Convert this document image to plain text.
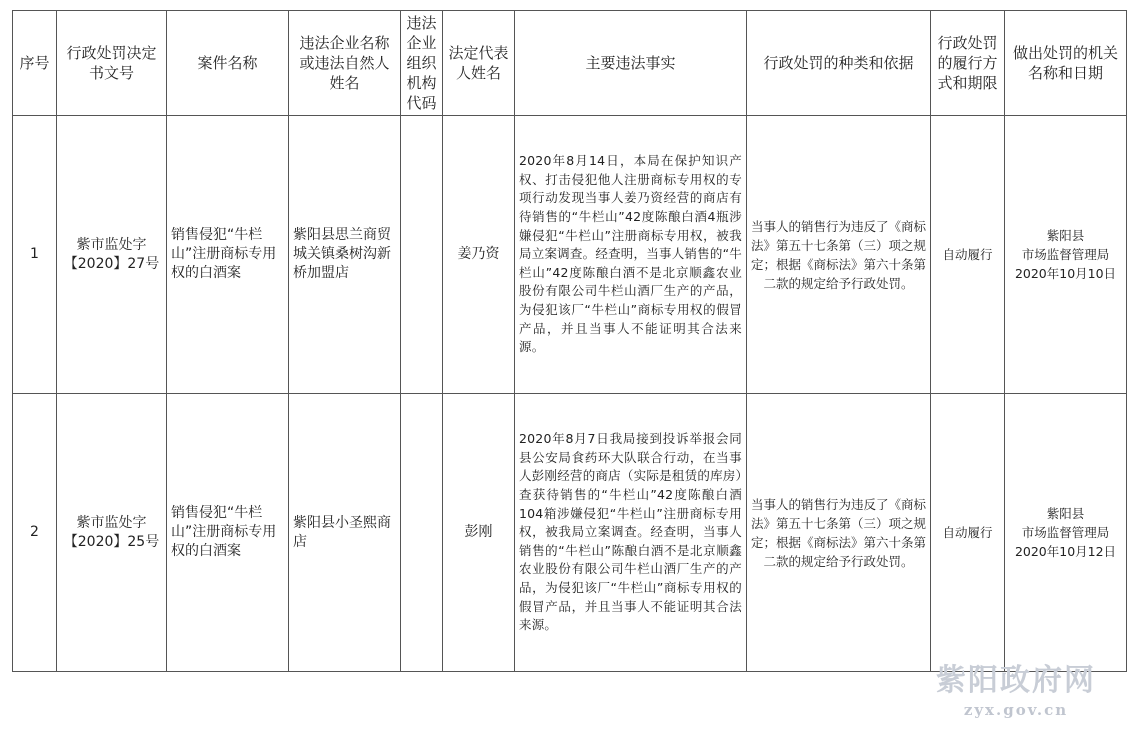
序号	行政处罚决定书文号	案件名称	违法企业名称或违法自然人姓名	违法企业组织机构代码	法定代表人姓名	主要违法事实	行政处罚的种类和依据	行政处罚的履行方式和期限	做出处罚的机关名称和日期
1	紫市监处字【2020】27号	销售侵犯“牛栏山”注册商标专用权的白酒案	紫阳县思兰商贸城关镇桑树沟新桥加盟店		姜乃资	2020年8月14日，本局在保护知识产权、打击侵犯他人注册商标专用权的专项行动发现当事人姜乃资经营的商店有待销售的“牛栏山”42度陈酿白酒4瓶涉嫌侵犯“牛栏山”注册商标专用权，被我局立案调查。经查明，当事人销售的“牛栏山”42度陈酿白酒不是北京顺鑫农业股份有限公司牛栏山酒厂生产的产品，为侵犯该厂“牛栏山”商标专用权的假冒产品，并且当事人不能证明其合法来源。	当事人的销售行为违反了《商标法》第五十七条第（三）项之规定；根据《商标法》第六十条第二款的规定给予行政处罚。	自动履行	紫阳县
市场监督管理局
2020年10月10日

2	紫市监处字【2020】25号	销售侵犯“牛栏山”注册商标专用权的白酒案	紫阳县小圣熙商店		彭刚	2020年8月7日我局接到投诉举报会同县公安局食药环大队联合行动，在当事人彭刚经营的商店（实际是租赁的库房）查获待销售的“牛栏山”42度陈酿白酒104箱涉嫌侵犯“牛栏山”注册商标专用权，被我局立案调查。经查明，当事人销售的“牛栏山”陈酿白酒不是北京顺鑫农业股份有限公司牛栏山酒厂生产的产品，为侵犯该厂“牛栏山”商标专用权的假冒产品，并且当事人不能证明其合法来源。	当事人的销售行为违反了《商标法》第五十七条第（三）项之规定；根据《商标法》第六十条第二款的规定给予行政处罚。	自动履行	紫阳县
市场监督管理局
2020年10月12日
紫阳政府网
zyx.gov.cn
